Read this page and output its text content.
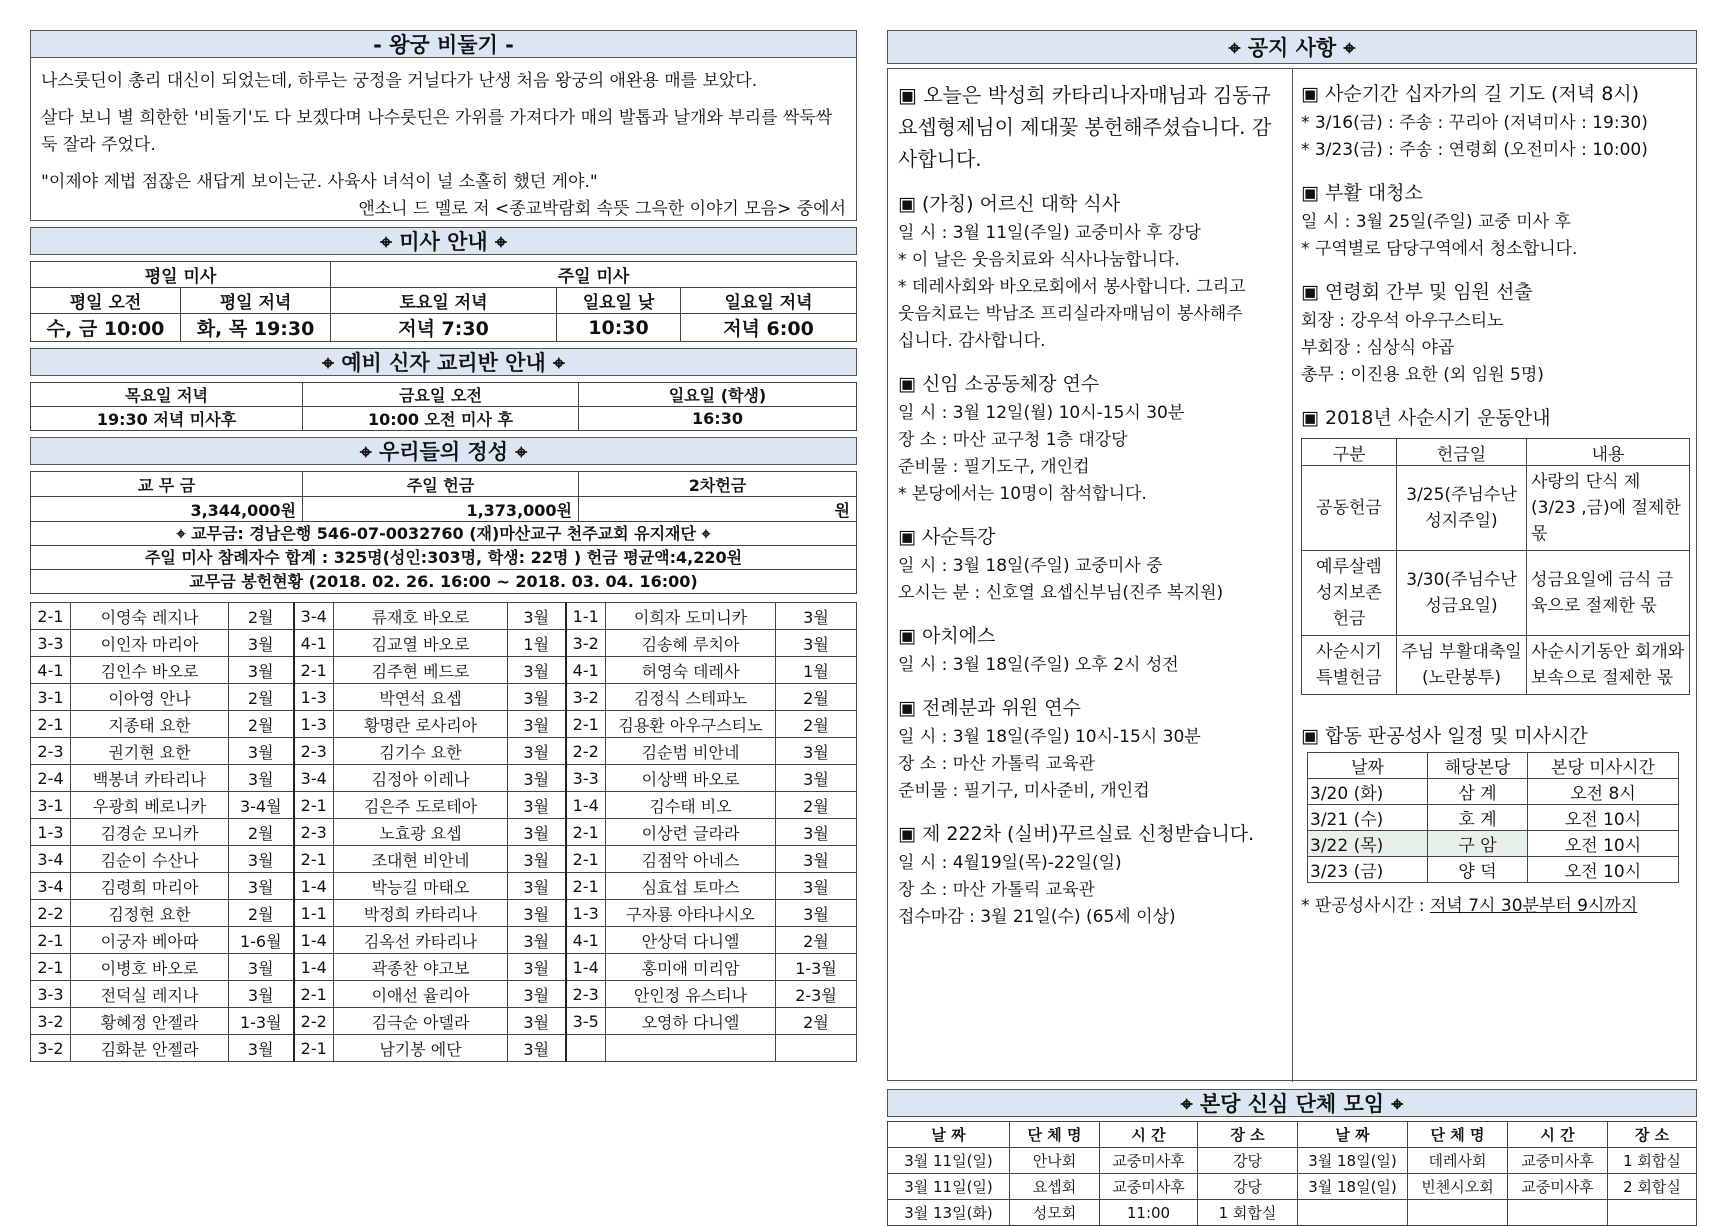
- 왕궁 비둘기 -

나스룻딘이 총리 대신이 되었는데, 하루는 궁정을 거닐다가 난생 처음 왕궁의 애완용 매를 보았다.

살다 보니 별 희한한 '비둘기'도 다 보겠다며 나수룻딘은 가위를 가져다가 매의 발톱과 날개와 부리를 싹둑싹둑 잘라 주었다.

"이제야 제법 점잖은 새답게 보이는군. 사육사 녀석이 널 소홀히 했던 게야."

앤소니 드 멜로 저 <종교박람회 속뜻 그윽한 이야기 모음> 중에서

⌖ 미사 안내 ⌖
평일 미사		주일 미사		
평일 오전	평일 저녁	토요일 저녁	일요일 낮	일요일 저녁
수, 금 10:00	화, 목 19:30	저녁 7:30	10:30	저녁 6:00
⌖ 예비 신자 교리반 안내 ⌖
목요일 저녁	금요일 오전	일요일 (학생)
19:30 저녁 미사후	10:00 오전 미사 후	16:30
⌖ 우리들의 정성 ⌖
교 무 금	주일 헌금	2차헌금
3,344,000원	1,373,000원	원
⌖ 교무금: 경남은행 546-07-0032760 (재)마산교구 천주교회 유지재단 ⌖
주일 미사 참례자수 합계 : 325명(성인:303명, 학생: 22명 ) 헌금 평균액:4,220원
교무금 봉헌현황 (2018. 02. 26. 16:00 ~ 2018. 03. 04. 16:00)
2-1	이영숙 레지나	2월	3-4	류재호 바오로	3월	1-1	이희자 도미니카	3월
3-3	이인자 마리아	3월	4-1	김교열 바오로	1월	3-2	김송혜 루치아	3월
4-1	김인수 바오로	3월	2-1	김주현 베드로	3월	4-1	허영숙 데레사	1월
3-1	이아영 안나	2월	1-3	박연석 요셉	3월	3-2	김정식 스테파노	2월
2-1	지종태 요한	2월	1-3	황명란 로사리아	3월	2-1	김용환 아우구스티노	2월
2-3	권기현 요한	3월	2-3	김기수 요한	3월	2-2	김순범 비안네	3월
2-4	백봉녀 카타리나	3월	3-4	김정아 이레나	3월	3-3	이상백 바오로	3월
3-1	우광희 베로니카	3-4월	2-1	김은주 도로테아	3월	1-4	김수태 비오	2월
1-3	김경순 모니카	2월	2-3	노효광 요셉	3월	2-1	이상련 글라라	3월
3-4	김순이 수산나	3월	2-1	조대현 비안네	3월	2-1	김점악 아네스	3월
3-4	김령희 마리아	3월	1-4	박능길 마태오	3월	2-1	심효섭 토마스	3월
2-2	김정현 요한	2월	1-1	박정희 카타리나	3월	1-3	구자룡 아타나시오	3월
2-1	이궁자 베아따	1-6월	1-4	김옥선 카타리나	3월	4-1	안상덕 다니엘	2월
2-1	이병호 바오로	3월	1-4	곽종찬 야고보	3월	1-4	홍미애 미리암	1-3월
3-3	전덕실 레지나	3월	2-1	이애선 율리아	3월	2-3	안인정 유스티나	2-3월
3-2	황혜정 안젤라	1-3월	2-2	김극순 아델라	3월	3-5	오영하 다니엘	2월
3-2	김화분 안젤라	3월	2-1	남기봉 에단	3월			
⌖ 공지 사항 ⌖
▣ 오늘은 박성희 카타리나자매님과 김동규 요셉형제님이 제대꽃 봉헌해주셨습니다. 감사합니다.
▣ (가칭) 어르신 대학 식사
일 시 : 3월 11일(주일) 교중미사 후 강당
* 이 날은 웃음치료와 식사나눔합니다.
* 데레사회와 바오로회에서 봉사합니다. 그리고
웃음치료는 박남조 프리실라자매님이 봉사해주
십니다. 감사합니다.
▣ 신임 소공동체장 연수
일 시 : 3월 12일(월) 10시-15시 30분
장 소 : 마산 교구청 1층 대강당
준비물 : 필기도구, 개인컵
* 본당에서는 10명이 참석합니다.
▣ 사순특강
일 시 : 3월 18일(주일) 교중미사 중
오시는 분 : 신호열 요셉신부님(진주 복지원)
▣ 아치에스
일 시 : 3월 18일(주일) 오후 2시 성전
▣ 전례분과 위원 연수
일 시 : 3월 18일(주일) 10시-15시 30분
장 소 : 마산 가톨릭 교육관
준비물 : 필기구, 미사준비, 개인컵
▣ 제 222차 (실버)꾸르실료 신청받습니다.
일 시 : 4월19일(목)-22일(일)
장 소 : 마산 가톨릭 교육관
접수마감 : 3월 21일(수) (65세 이상)
▣ 사순기간 십자가의 길 기도 (저녁 8시)
* 3/16(금) : 주송 : 꾸리아 (저녁미사 : 19:30)
* 3/23(금) : 주송 : 연령회 (오전미사 : 10:00)
▣ 부활 대청소
일 시 : 3월 25일(주일) 교중 미사 후
* 구역별로 담당구역에서 청소합니다.
▣ 연령회 간부 및 임원 선출
회장 : 강우석 아우구스티노
부회장 : 심상식 야곱
총무 : 이진용 요한 (외 임원 5명)
▣ 2018년 사순시기 운동안내
구분	헌금일	내용
공동헌금	3/25(주님수난 성지주일)	사랑의 단식 제(3/23 ,금)에 절제한 몫
예루살렘 성지보존 헌금	3/30(주님수난성금요일)	성금요일에 금식 금육으로 절제한 몫
사순시기 특별헌금	주님 부활대축일(노란봉투)	사순시기동안 회개와 보속으로 절제한 몫
▣ 합동 판공성사 일정 및 미사시간
날짜	해당본당	본당 미사시간
3/20 (화)	삼 계	오전 8시
3/21 (수)	호 계	오전 10시
3/22 (목)	구 암	오전 10시
3/23 (금)	양 덕	오전 10시
* 판공성사시간 : 저녁 7시 30분부터 9시까지
⌖ 본당 신심 단체 모임 ⌖
날 짜	단 체 명	시 간	장 소	날 짜	단 체 명	시 간	장 소
3월 11일(일)	안나회	교중미사후	강당	3월 18일(일)	데레사회	교중미사후	1 회합실
3월 11일(일)	요셉회	교중미사후	강당	3월 18일(일)	빈첸시오회	교중미사후	2 회합실
3월 13일(화)	성모회	11:00	1 회합실				
